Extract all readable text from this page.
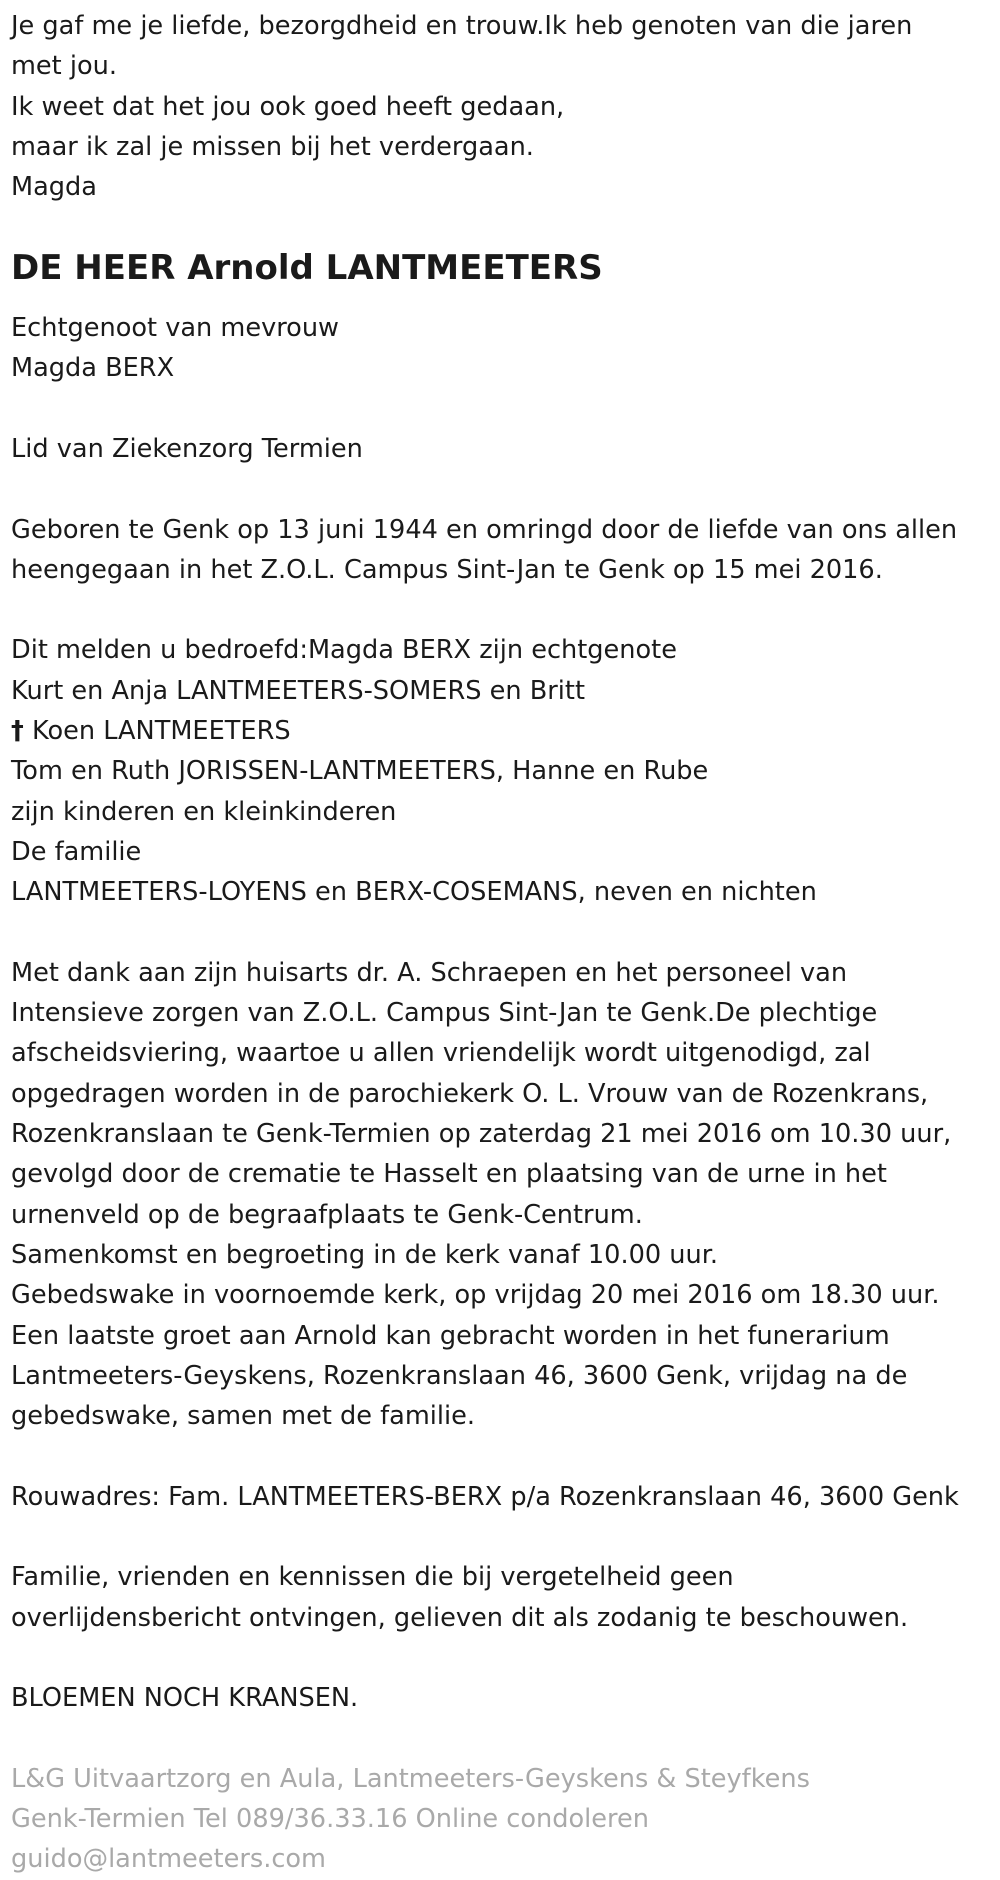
Je gaf me je liefde, bezorgdheid en trouw.Ik heb genoten van die jaren
met jou.
Ik weet dat het jou ook goed heeft gedaan,
maar ik zal je missen bij het verdergaan.
Magda
DE HEER Arnold LANTMEETERS
Echtgenoot van mevrouw
Magda BERX
Lid van Ziekenzorg Termien
Geboren te Genk op 13 juni 1944 en omringd door de liefde van ons allen
heengegaan in het Z.O.L. Campus Sint-Jan te Genk op 15 mei 2016.
Dit melden u bedroefd:Magda BERX zijn echtgenote
Kurt en Anja LANTMEETERS-SOMERS en Britt
† Koen LANTMEETERS
Tom en Ruth JORISSEN-LANTMEETERS, Hanne en Rube
zijn kinderen en kleinkinderen
De familie
LANTMEETERS-LOYENS en BERX-COSEMANS, neven en nichten
Met dank aan zijn huisarts dr. A. Schraepen en het personeel van
Intensieve zorgen van Z.O.L. Campus Sint-Jan te Genk.De plechtige
afscheidsviering, waartoe u allen vriendelijk wordt uitgenodigd, zal
opgedragen worden in de parochiekerk O. L. Vrouw van de Rozenkrans,
Rozenkranslaan te Genk-Termien op zaterdag 21 mei 2016 om 10.30 uur,
gevolgd door de crematie te Hasselt en plaatsing van de urne in het
urnenveld op de begraafplaats te Genk-Centrum.
Samenkomst en begroeting in de kerk vanaf 10.00 uur.
Gebedswake in voornoemde kerk, op vrijdag 20 mei 2016 om 18.30 uur.
Een laatste groet aan Arnold kan gebracht worden in het funerarium
Lantmeeters-Geyskens, Rozenkranslaan 46, 3600 Genk, vrijdag na de
gebedswake, samen met de familie.
Rouwadres: Fam. LANTMEETERS-BERX p/a Rozenkranslaan 46, 3600 Genk
Familie, vrienden en kennissen die bij vergetelheid geen
overlijdensbericht ontvingen, gelieven dit als zodanig te beschouwen.
BLOEMEN NOCH KRANSEN.
L&G Uitvaartzorg en Aula, Lantmeeters-Geyskens & Steyfkens
Genk-Termien Tel 089/36.33.16 Online condoleren
guido@lantmeeters.com
